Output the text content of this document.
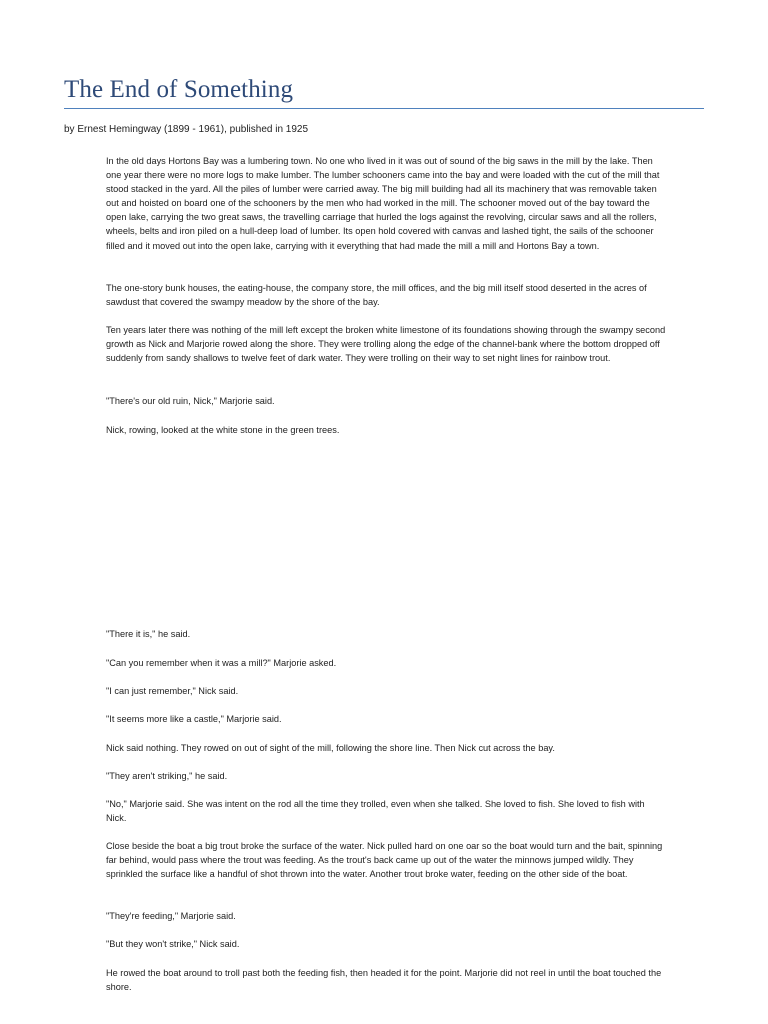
The End of Something
by Ernest Hemingway (1899 - 1961), published in 1925

In the old days Hortons Bay was a lumbering town. No one who lived in it was out of sound of the big saws in the mill by the lake. Then one year there were no more logs to make lumber. The lumber schooners came into the bay and were loaded with the cut of the mill that stood stacked in the yard. All the piles of lumber were carried away. The big mill building had all its machinery that was removable taken out and hoisted on board one of the schooners by the men who had worked in the mill. The schooner moved out of the bay toward the open lake, carrying the two great saws, the travelling carriage that hurled the logs against the revolving, circular saws and all the rollers, wheels, belts and iron piled on a hull-deep load of lumber. Its open hold covered with canvas and lashed tight, the sails of the schooner filled and it moved out into the open lake, carrying with it everything that had made the mill a mill and Hortons Bay a town.

The one-story bunk houses, the eating-house, the company store, the mill offices, and the big mill itself stood deserted in the acres of sawdust that covered the swampy meadow by the shore of the bay.

Ten years later there was nothing of the mill left except the broken white limestone of its foundations showing through the swampy second growth as Nick and Marjorie rowed along the shore. They were trolling along the edge of the channel-bank where the bottom dropped off suddenly from sandy shallows to twelve feet of dark water. They were trolling on their way to set night lines for rainbow trout.

"There's our old ruin, Nick," Marjorie said.

Nick, rowing, looked at the white stone in the green trees.

"There it is," he said.

"Can you remember when it was a mill?" Marjorie asked.

"I can just remember," Nick said.

"It seems more like a castle," Marjorie said.

Nick said nothing. They rowed on out of sight of the mill, following the shore line. Then Nick cut across the bay.

"They aren't striking," he said.

"No," Marjorie said. She was intent on the rod all the time they trolled, even when she talked. She loved to fish. She loved to fish with Nick.

Close beside the boat a big trout broke the surface of the water. Nick pulled hard on one oar so the boat would turn and the bait, spinning far behind, would pass where the trout was feeding. As the trout's back came up out of the water the minnows jumped wildly. They sprinkled the surface like a handful of shot thrown into the water. Another trout broke water, feeding on the other side of the boat.

"They're feeding," Marjorie said.

"But they won't strike," Nick said.

He rowed the boat around to troll past both the feeding fish, then headed it for the point. Marjorie did not reel in until the boat touched the shore.
